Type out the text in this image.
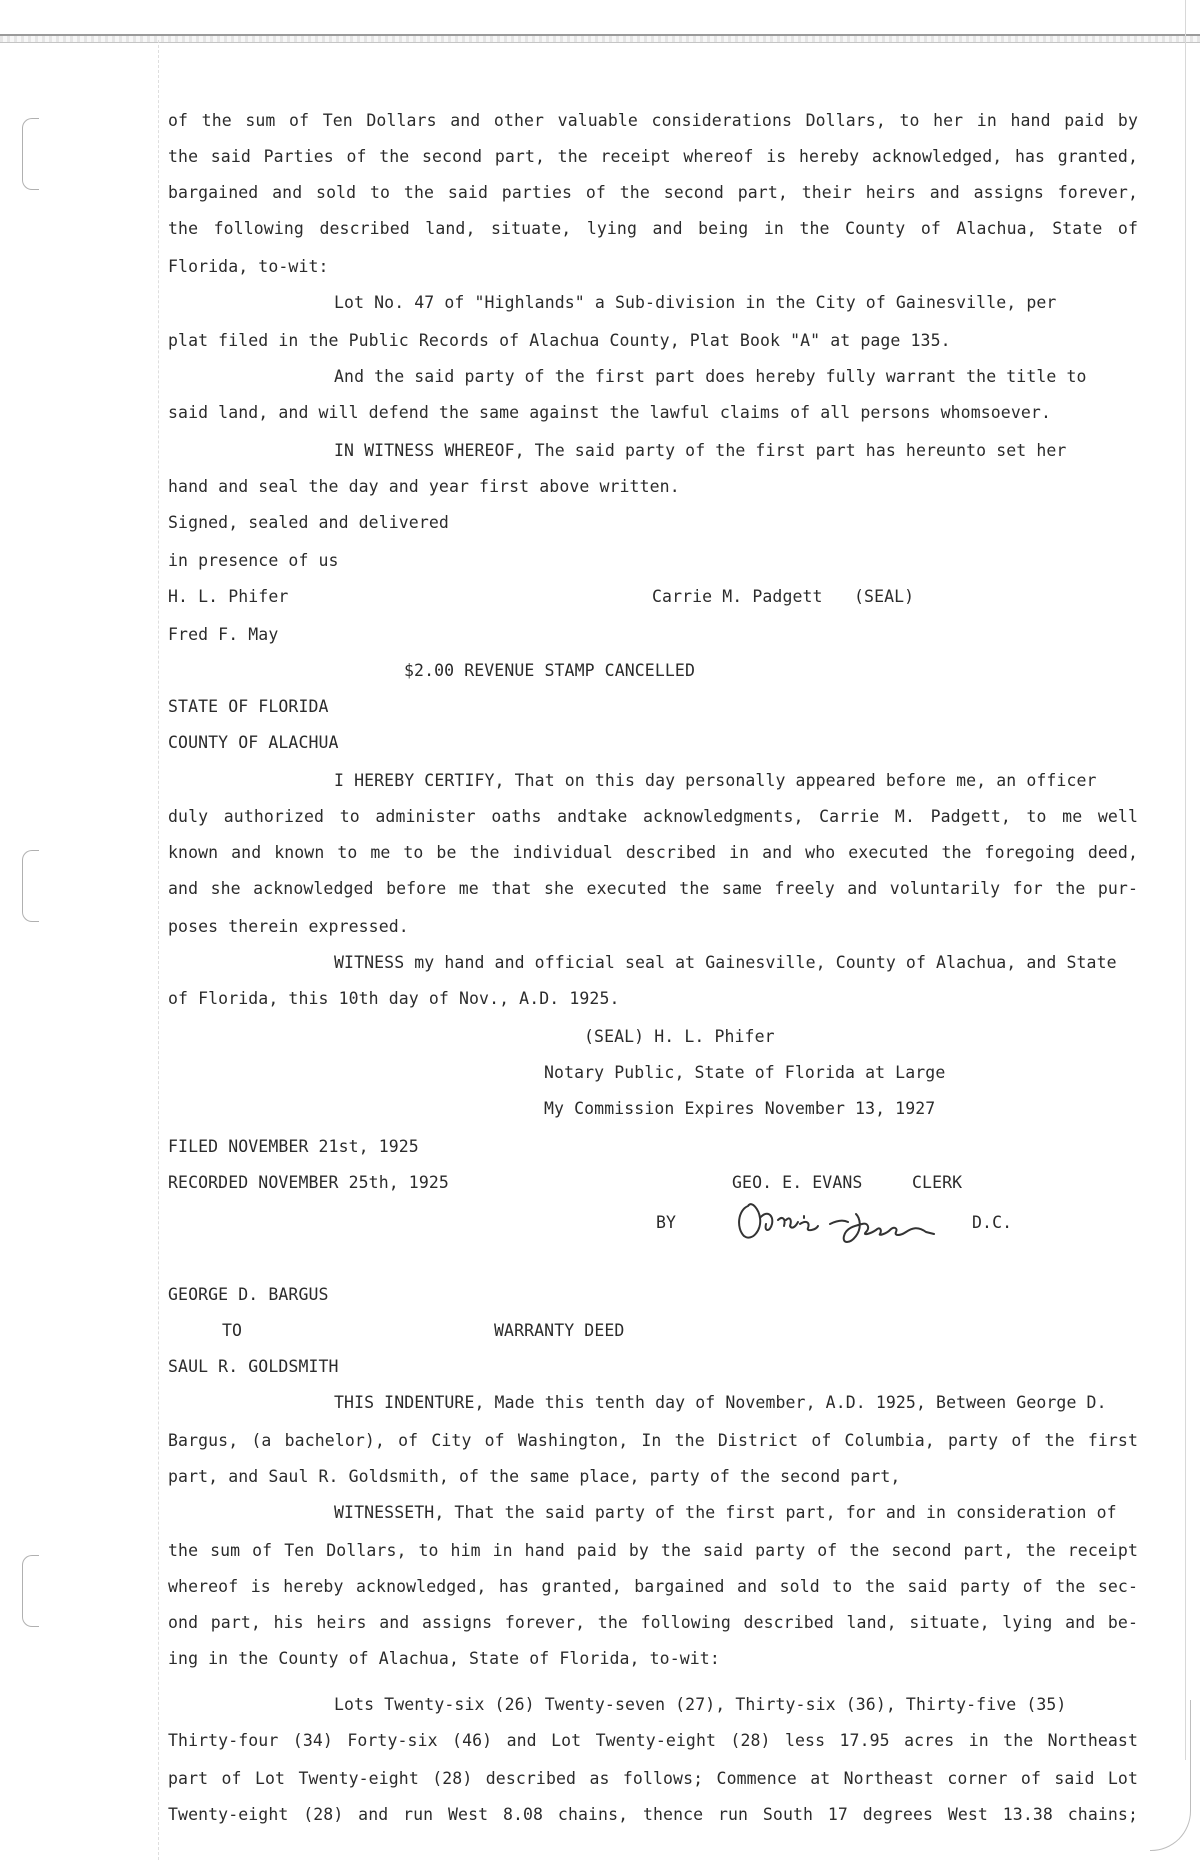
of the sum of Ten Dollars and other valuable considerations Dollars, to her in hand paid by
the said Parties of the second part, the receipt whereof is hereby acknowledged, has granted,
bargained and sold to the said parties of the second part, their heirs and assigns forever,
the following described land, situate, lying and being in the County of Alachua, State of
Florida, to-wit:
Lot No. 47 of "Highlands" a Sub-division in the City of Gainesville, per
plat filed in the Public Records of Alachua County, Plat Book "A" at page 135.
And the said party of the first part does hereby fully warrant the title to
said land, and will defend the same against the lawful claims of all persons whomsoever.
IN WITNESS WHEREOF, The said party of the first part has hereunto set her
hand and seal the day and year first above written.
Signed, sealed and delivered
in presence of us
H. L. Phifer	Carrie M. Padgett (SEAL)
Fred F. May
$2.00 REVENUE STAMP CANCELLED
STATE OF FLORIDA
COUNTY OF ALACHUA
I HEREBY CERTIFY, That on this day personally appeared before me, an officer
duly authorized to administer oaths andtake acknowledgments, Carrie M. Padgett, to me well
known and known to me to be the individual described in and who executed the foregoing deed,
and she acknowledged before me that she executed the same freely and voluntarily for the pur-
poses therein expressed.
WITNESS my hand and official seal at Gainesville, County of Alachua, and State
of Florida, this 10th day of Nov., A.D. 1925.
(SEAL) H. L. Phifer
Notary Public, State of Florida at Large
My Commission Expires November 13, 1927
FILED NOVEMBER 21st, 1925
RECORDED NOVEMBER 25th, 1925	GEO. E. EVANS	CLERK
BY	D.C.
GEORGE D. BARGUS
TO	WARRANTY DEED
SAUL R. GOLDSMITH
THIS INDENTURE, Made this tenth day of November, A.D. 1925, Between George D.
Bargus, (a bachelor), of City of Washington, In the District of Columbia, party of the first
part, and Saul R. Goldsmith, of the same place, party of the second part,
WITNESSETH, That the said party of the first part, for and in consideration of
the sum of Ten Dollars, to him in hand paid by the said party of the second part, the receipt
whereof is hereby acknowledged, has granted, bargained and sold to the said party of the sec-
ond part, his heirs and assigns forever, the following described land, situate, lying and be-
ing in the County of Alachua, State of Florida, to-wit:
Lots Twenty-six (26) Twenty-seven (27), Thirty-six (36), Thirty-five (35)
Thirty-four (34) Forty-six (46) and Lot Twenty-eight (28) less 17.95 acres in the Northeast
part of Lot Twenty-eight (28) described as follows; Commence at Northeast corner of said Lot
Twenty-eight (28) and run West 8.08 chains, thence run South 17 degrees West 13.38 chains;
